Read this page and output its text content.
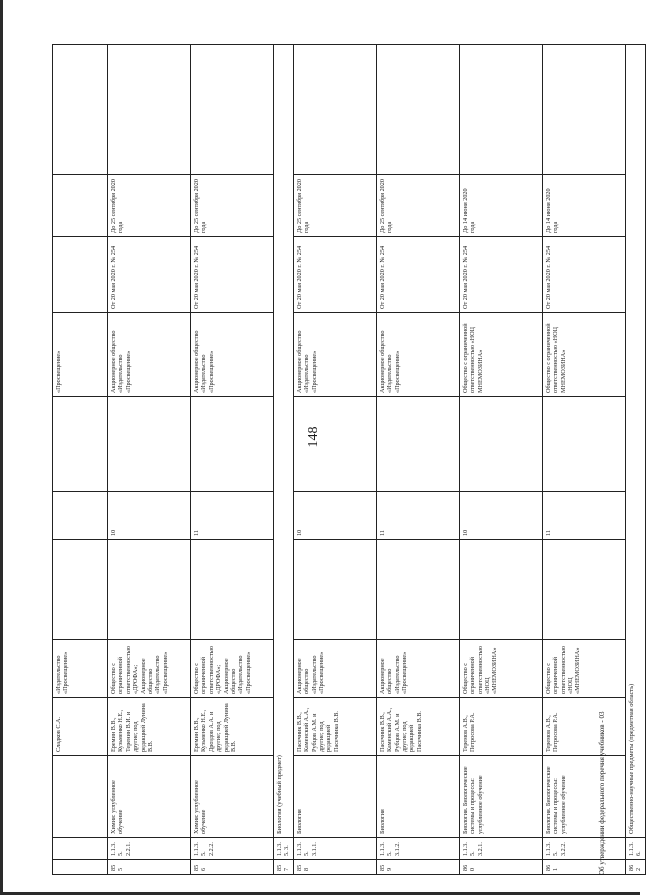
148
			Сладков С.А.	«Издательство «Просвещение»				«Просвещение»			
855	1.1.3.5. 2.2.1.	Химия: углубленное обучение	Еремин В.В., Кузьменко Н.Е., Теренин В.И. и другие; под редакцией Лунина В.В.	Общество с ограниченной ответственностью «ДРОФА»; Акционерное общество «Издательство «Просвещение»		10		Акционерное общество «Издательство «Просвещение»	От 20 мая 2020 г. № 254	До 25 сентября 2020 года	
856	1.1.3.5. 2.2.2.	Химия: углубленное обучение	Еремин В.В., Кузьменко Н.Е., Дроздов А.А. и другие; под редакцией Лунина В.В.	Общество с ограниченной ответственностью «ДРОФА»; Акционерное общество «Издательство «Просвещение»		11		Акционерное общество «Издательство «Просвещение»	От 20 мая 2020 г. № 254	До 25 сентября 2020 года	
857	1.1.3.5. 3.	Биология (учебный предмет)									
858	1.1.3.5. 3.1.1.	Биология	Пасечник В.В., Каменский А.А., Рубцов А.М. и другие; под редакцией Пасечника В.В.	Акционерное общество «Издательство «Просвещение»		10		Акционерное общество «Издательство «Просвещение»	От 20 мая 2020 г. № 254	До 25 сентября 2020 года	
859	1.1.3.5. 3.1.2.	Биология	Пасечник В.В., Каменский А.А., Рубцов А.М. и другие; под редакцией Пасечника В.В.	Акционерное общество «Издательство «Просвещение»		11		Акционерное общество «Издательство «Просвещение»	От 20 мая 2020 г. № 254	До 25 сентября 2020 года	
860	1.1.3.5. 3.2.1.	Биология. Биологические системы и процессы: углубленное обучение	Теремов А.В., Петросова Р.А.	Общество с ограниченной ответственностью «НОЦ «МНЕМОЗИНА»		10		Общество с ограниченной ответственностью «НОЦ МНЕМОЗИНА»	От 20 мая 2020 г. № 254	До 14 июня 2020 года	
861	1.1.3.5. 3.2.2.	Биология. Биологические системы и процессы: углубленное обучение	Теремов А.В., Петросова Р.А.	Общество с ограниченной ответственностью «НОЦ «МНЕМОЗИНА»		11		Общество с ограниченной ответственностью «НОЦ МНЕМОЗИНА»	От 20 мая 2020 г. № 254	До 14 июня 2020 года	
862	1.1.3.6.	Общественно-научные предметы (предметная область)									
Об утверждении федерального перечня учебников - 03
